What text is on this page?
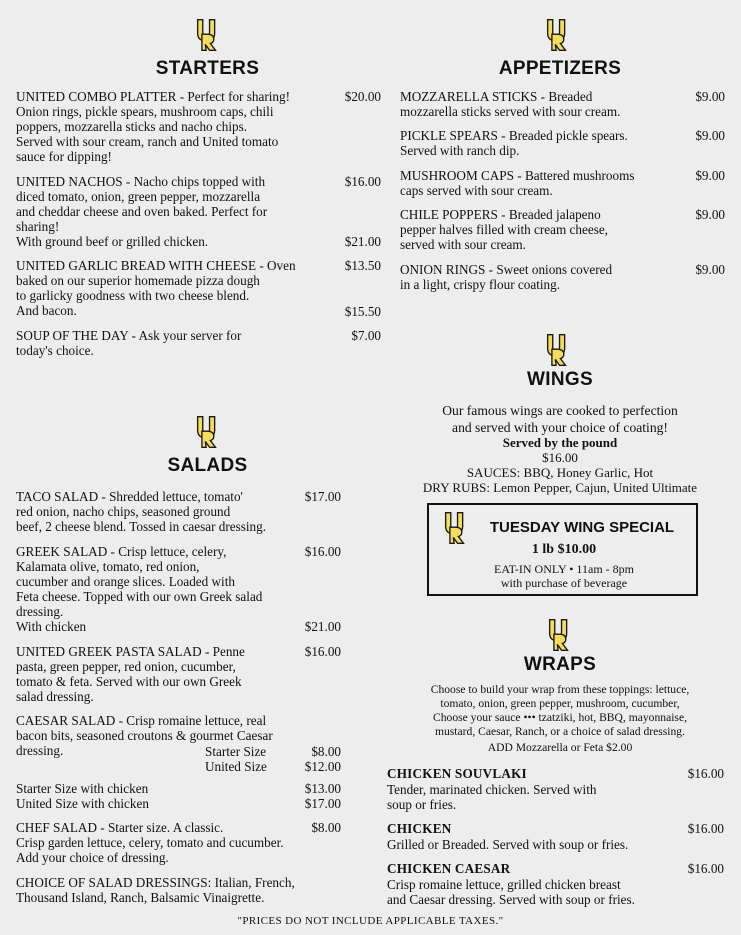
STARTERS
UNITED COMBO PLATTER - Perfect for sharing!
Onion rings, pickle spears, mushroom caps, chili
poppers, mozzarella sticks and nacho chips.
Served with sour cream, ranch and United tomato
sauce for dipping!
$20.00
UNITED NACHOS - Nacho chips topped with
diced tomato, onion, green pepper, mozzarella
and cheddar cheese and oven baked. Perfect for
sharing!
With ground beef or grilled chicken.
$16.00
$21.00
UNITED GARLIC BREAD WITH CHEESE - Oven
baked on our superior homemade pizza dough
to garlicky goodness with two cheese blend.
And bacon.
$13.50
$15.50
SOUP OF THE DAY - Ask your server for
today's choice.
$7.00
APPETIZERS
MOZZARELLA STICKS - Breaded
mozzarella sticks served with sour cream.
$9.00
PICKLE SPEARS - Breaded pickle spears.
Served with ranch dip.
$9.00
MUSHROOM CAPS - Battered mushrooms
caps served with sour cream.
$9.00
CHILE POPPERS - Breaded jalapeno
pepper halves filled with cream cheese,
served with sour cream.
$9.00
ONION RINGS - Sweet onions covered
in a light, crispy flour coating.
$9.00
WINGS
Our famous wings are cooked to perfection
and served with your choice of coating!
Served by the pound
$16.00
SAUCES: BBQ, Honey Garlic, Hot
DRY RUBS: Lemon Pepper, Cajun, United Ultimate
TUESDAY WING SPECIAL
1 lb $10.00
EAT-IN ONLY • 11am - 8pm
with purchase of beverage
SALADS
TACO SALAD - Shredded lettuce, tomato'
red onion, nacho chips, seasoned ground
beef, 2 cheese blend. Tossed in caesar dressing.
$17.00
GREEK SALAD - Crisp lettuce, celery,
Kalamata olive, tomato, red onion,
cucumber and orange slices. Loaded with
Feta cheese. Topped with our own Greek salad
dressing.
With chicken
$16.00
$21.00
UNITED GREEK PASTA SALAD - Penne
pasta, green pepper, red onion, cucumber,
tomato & feta. Served with our own Greek
salad dressing.
$16.00
CAESAR SALAD - Crisp romaine lettuce, real
bacon bits, seasoned croutons & gourmet Caesar
dressing.	Starter Size	$8.00
United Size	$12.00
Starter Size with chicken	$13.00
United Size with chicken	$17.00
CHEF SALAD - Starter size. A classic.
Crisp garden lettuce, celery, tomato and cucumber.
Add your choice of dressing.
$8.00
CHOICE OF SALAD DRESSINGS: Italian, French,
Thousand Island, Ranch, Balsamic Vinaigrette.
WRAPS
Choose to build your wrap from these toppings: lettuce,
tomato, onion, green pepper, mushroom, cucumber,
Choose your sauce ••• tzatziki, hot, BBQ, mayonnaise,
mustard, Caesar, Ranch, or a choice of salad dressing.
ADD Mozzarella or Feta $2.00
CHICKEN SOUVLAKI	$16.00
Tender, marinated chicken. Served with
soup or fries.
CHICKEN	$16.00
Grilled or Breaded. Served with soup or fries.
CHICKEN CAESAR	$16.00
Crisp romaine lettuce, grilled chicken breast
and Caesar dressing. Served with soup or fries.
"PRICES DO NOT INCLUDE APPLICABLE TAXES."
